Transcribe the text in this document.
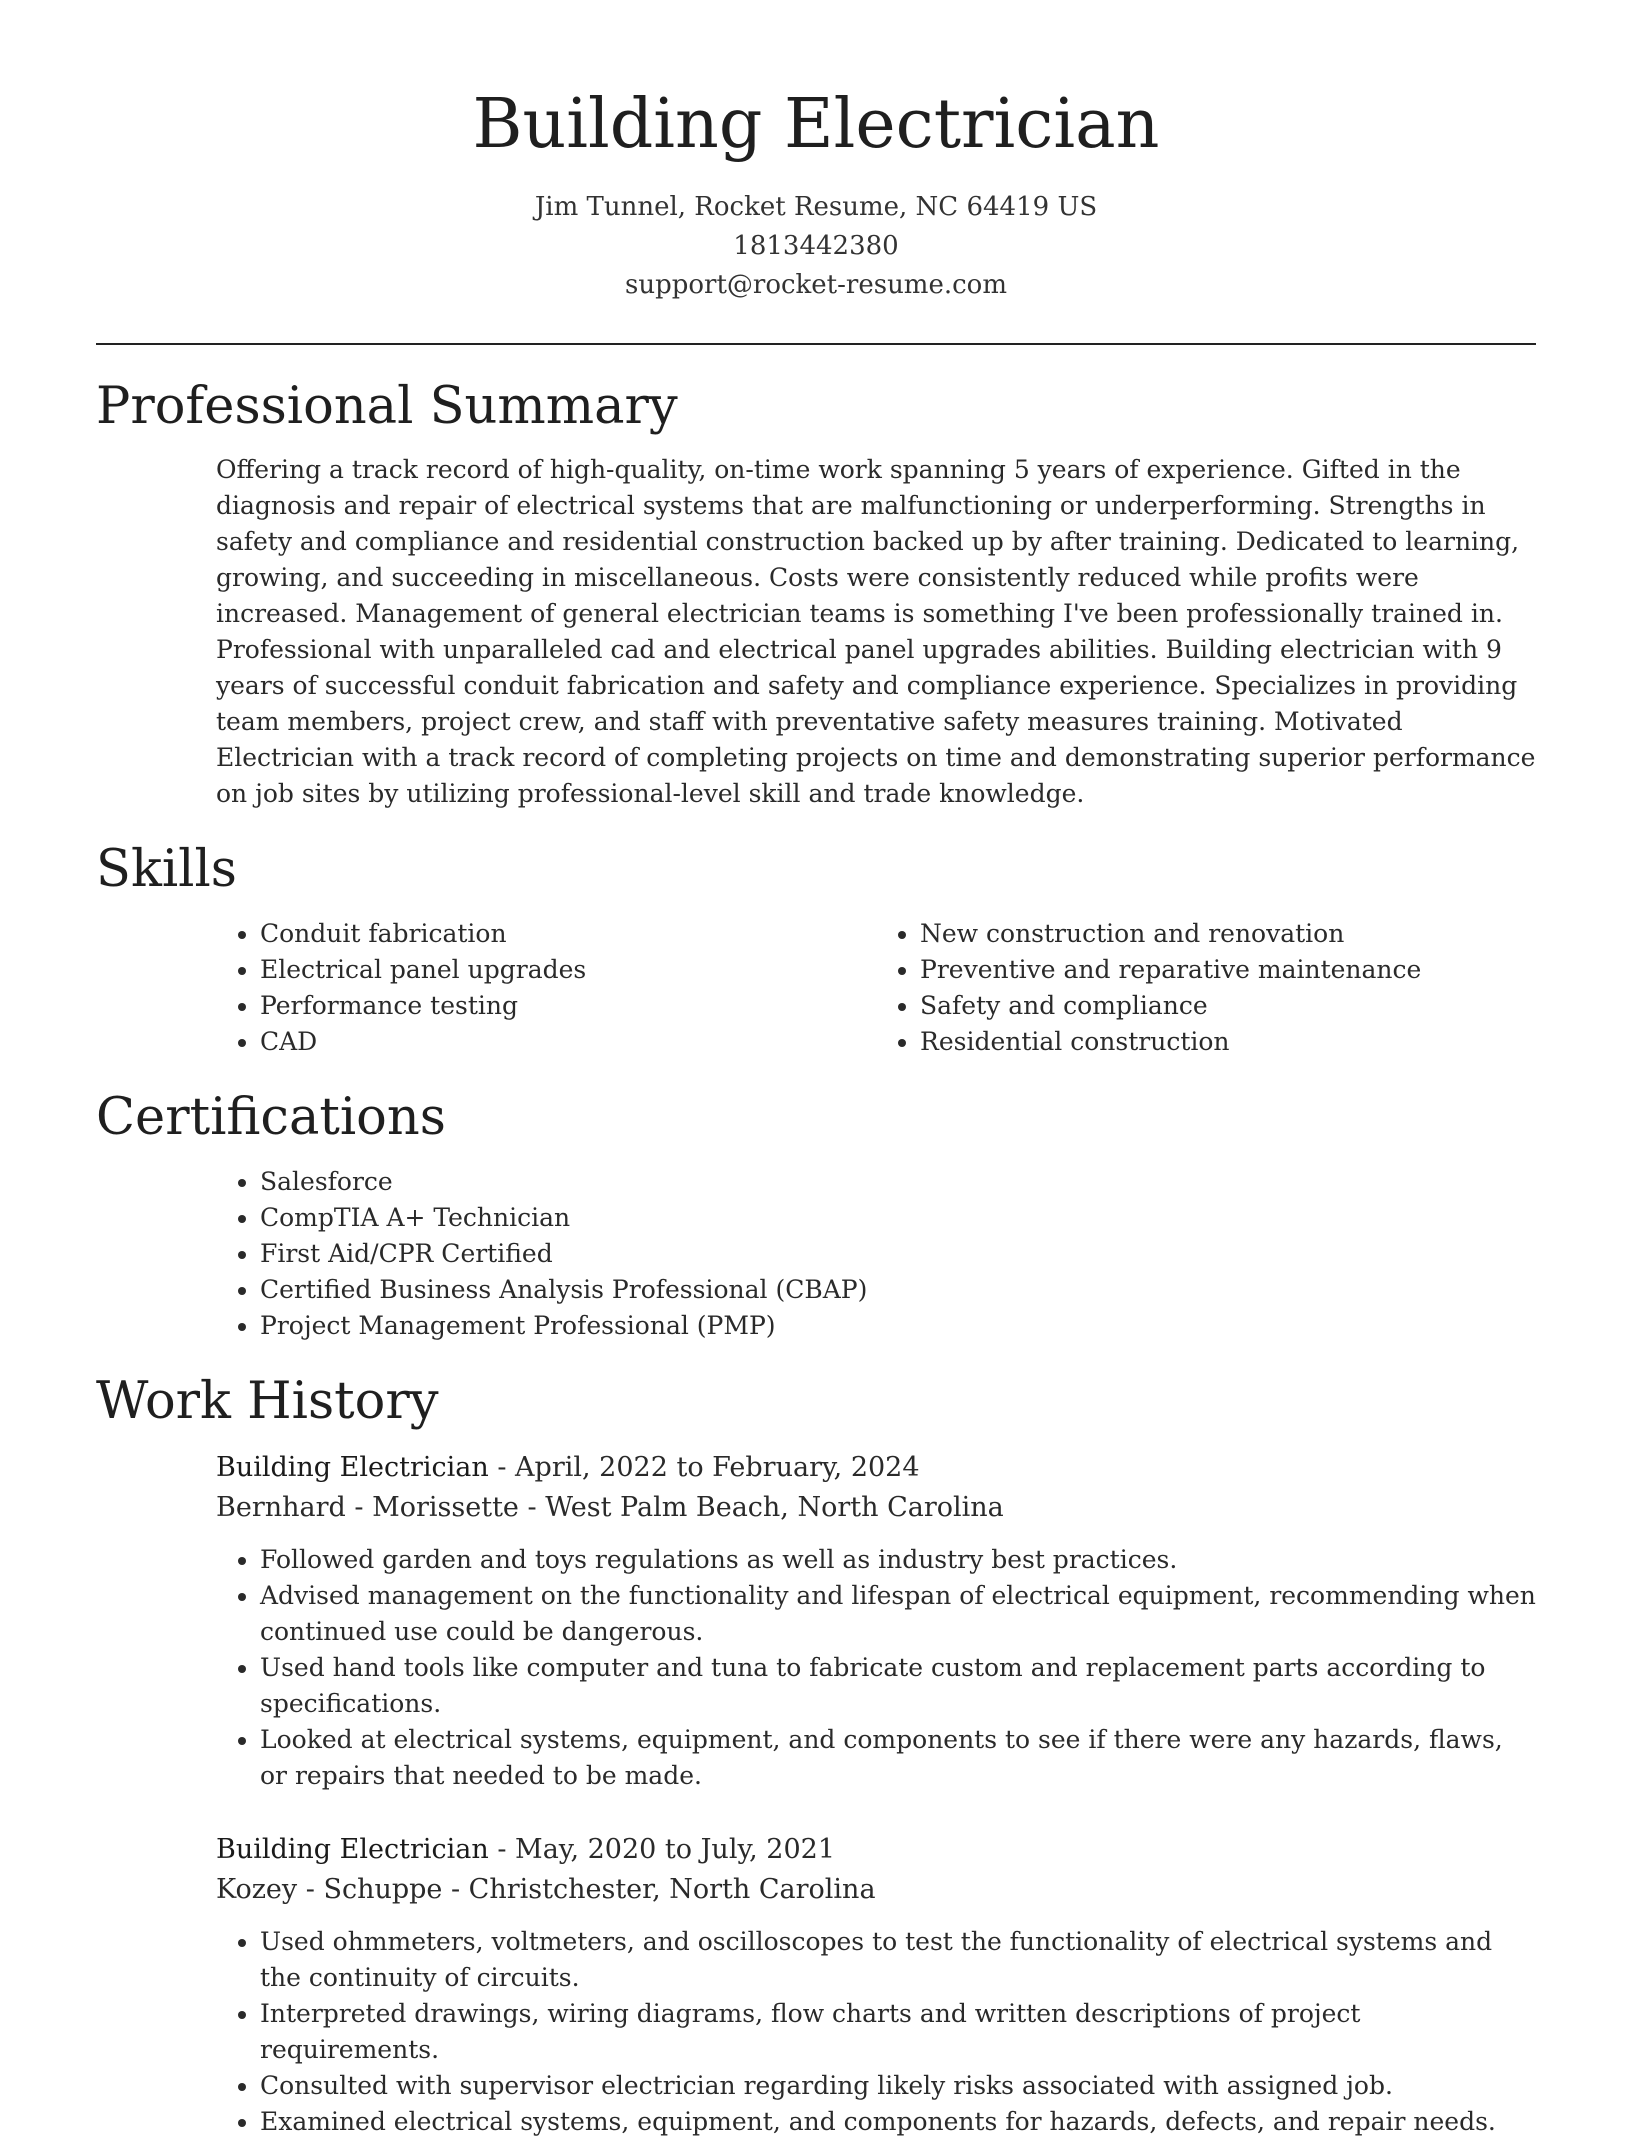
Building Electrician
Jim Tunnel, Rocket Resume, NC 64419 US
1813442380
support@rocket-resume.com
Professional Summary

Offering a track record of high-quality, on-time work spanning 5 years of experience. Gifted in the diagnosis and repair of electrical systems that are malfunctioning or underperforming. Strengths in safety and compliance and residential construction backed up by after training. Dedicated to learning, growing, and succeeding in miscellaneous. Costs were consistently reduced while profits were increased. Management of general electrician teams is something I've been professionally trained in. Professional with unparalleled cad and electrical panel upgrades abilities. Building electrician with 9 years of successful conduit fabrication and safety and compliance experience. Specializes in providing team members, project crew, and staff with preventative safety measures training. Motivated Electrician with a track record of completing projects on time and demonstrating superior performance on job sites by utilizing professional-level skill and trade knowledge.

Skills
• Conduit fabrication
• Electrical panel upgrades
• Performance testing
• CAD
• New construction and renovation
• Preventive and reparative maintenance
• Safety and compliance
• Residential construction
Certifications
• Salesforce
• CompTIA A+ Technician
• First Aid/CPR Certified
• Certified Business Analysis Professional (CBAP)
• Project Management Professional (PMP)
Work History
Building Electrician - April, 2022 to February, 2024
Bernhard - Morissette - West Palm Beach, North Carolina
• Followed garden and toys regulations as well as industry best practices.
• Advised management on the functionality and lifespan of electrical equipment, recommending when continued use could be dangerous.
• Used hand tools like computer and tuna to fabricate custom and replacement parts according to specifications.
• Looked at electrical systems, equipment, and components to see if there were any hazards, flaws, or repairs that needed to be made.
Building Electrician - May, 2020 to July, 2021
Kozey - Schuppe - Christchester, North Carolina
• Used ohmmeters, voltmeters, and oscilloscopes to test the functionality of electrical systems and the continuity of circuits.
• Interpreted drawings, wiring diagrams, flow charts and written descriptions of project requirements.
• Consulted with supervisor electrician regarding likely risks associated with assigned job.
• Examined electrical systems, equipment, and components for hazards, defects, and repair needs.
